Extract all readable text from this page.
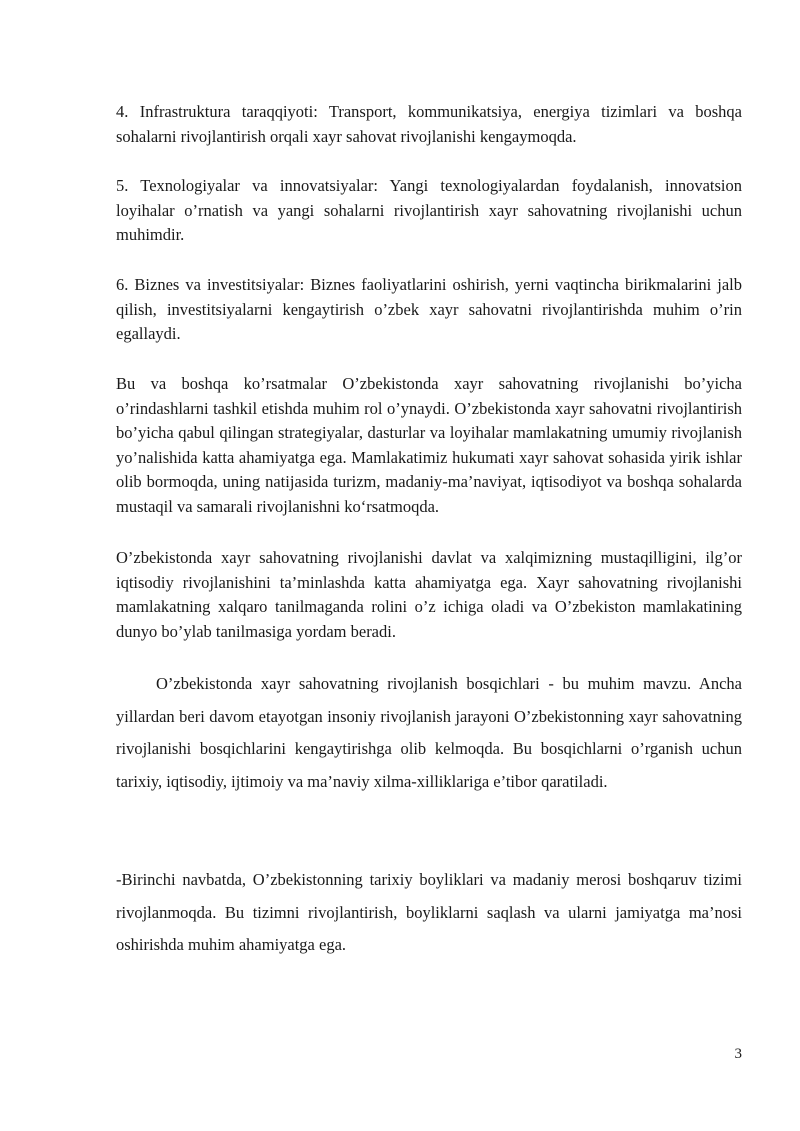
4. Infrastruktura taraqqiyoti: Transport, kommunikatsiya, energiya tizimlari va boshqa sohalarni rivojlantirish orqali xayr sahovat rivojlanishi kengaymoqda.

5. Texnologiyalar va innovatsiyalar: Yangi texnologiyalardan foydalanish, innovatsion loyihalar o’rnatish va yangi sohalarni rivojlantirish xayr sahovatning rivojlanishi uchun muhimdir.

6. Biznes va investitsiyalar: Biznes faoliyatlarini oshirish, yerni vaqtincha birikmalarini jalb qilish, investitsiyalarni kengaytirish o’zbek xayr sahovatni rivojlantirishda muhim o’rin egallaydi.

Bu va boshqa ko’rsatmalar O’zbekistonda xayr sahovatning rivojlanishi bo’yicha o’rindashlarni tashkil etishda muhim rol o’ynaydi. O’zbekistonda xayr sahovatni rivojlantirish bo’yicha qabul qilingan strategiyalar, dasturlar va loyihalar mamlakatning umumiy rivojlanish yo’nalishida katta ahamiyatga ega. Mamlakatimiz hukumati xayr sahovat sohasida yirik ishlar olib bormoqda, uning natijasida turizm, madaniy-ma’naviyat, iqtisodiyot va boshqa sohalarda mustaqil va samarali rivojlanishni ko‘rsatmoqda.

O’zbekistonda xayr sahovatning rivojlanishi davlat va xalqimizning mustaqilligini, ilg’or iqtisodiy rivojlanishini ta’minlashda katta ahamiyatga ega. Xayr sahovatning rivojlanishi mamlakatning xalqaro tanilmaganda rolini o’z ichiga oladi va O’zbekiston mamlakatining dunyo bo’ylab tanilmasiga yordam beradi.

O’zbekistonda xayr sahovatning rivojlanish bosqichlari - bu muhim mavzu. Ancha yillardan beri davom etayotgan insoniy rivojlanish jarayoni O’zbekistonning xayr sahovatning rivojlanishi bosqichlarini kengaytirishga olib kelmoqda. Bu bosqichlarni o’rganish uchun tarixiy, iqtisodiy, ijtimoiy va ma’naviy xilma-xilliklariga e’tibor qaratiladi.

-Birinchi navbatda, O’zbekistonning tarixiy boyliklari va madaniy merosi boshqaruv tizimi rivojlanmoqda. Bu tizimni rivojlantirish, boyliklarni saqlash va ularni jamiyatga ma’nosi oshirishda muhim ahamiyatga ega.

3
